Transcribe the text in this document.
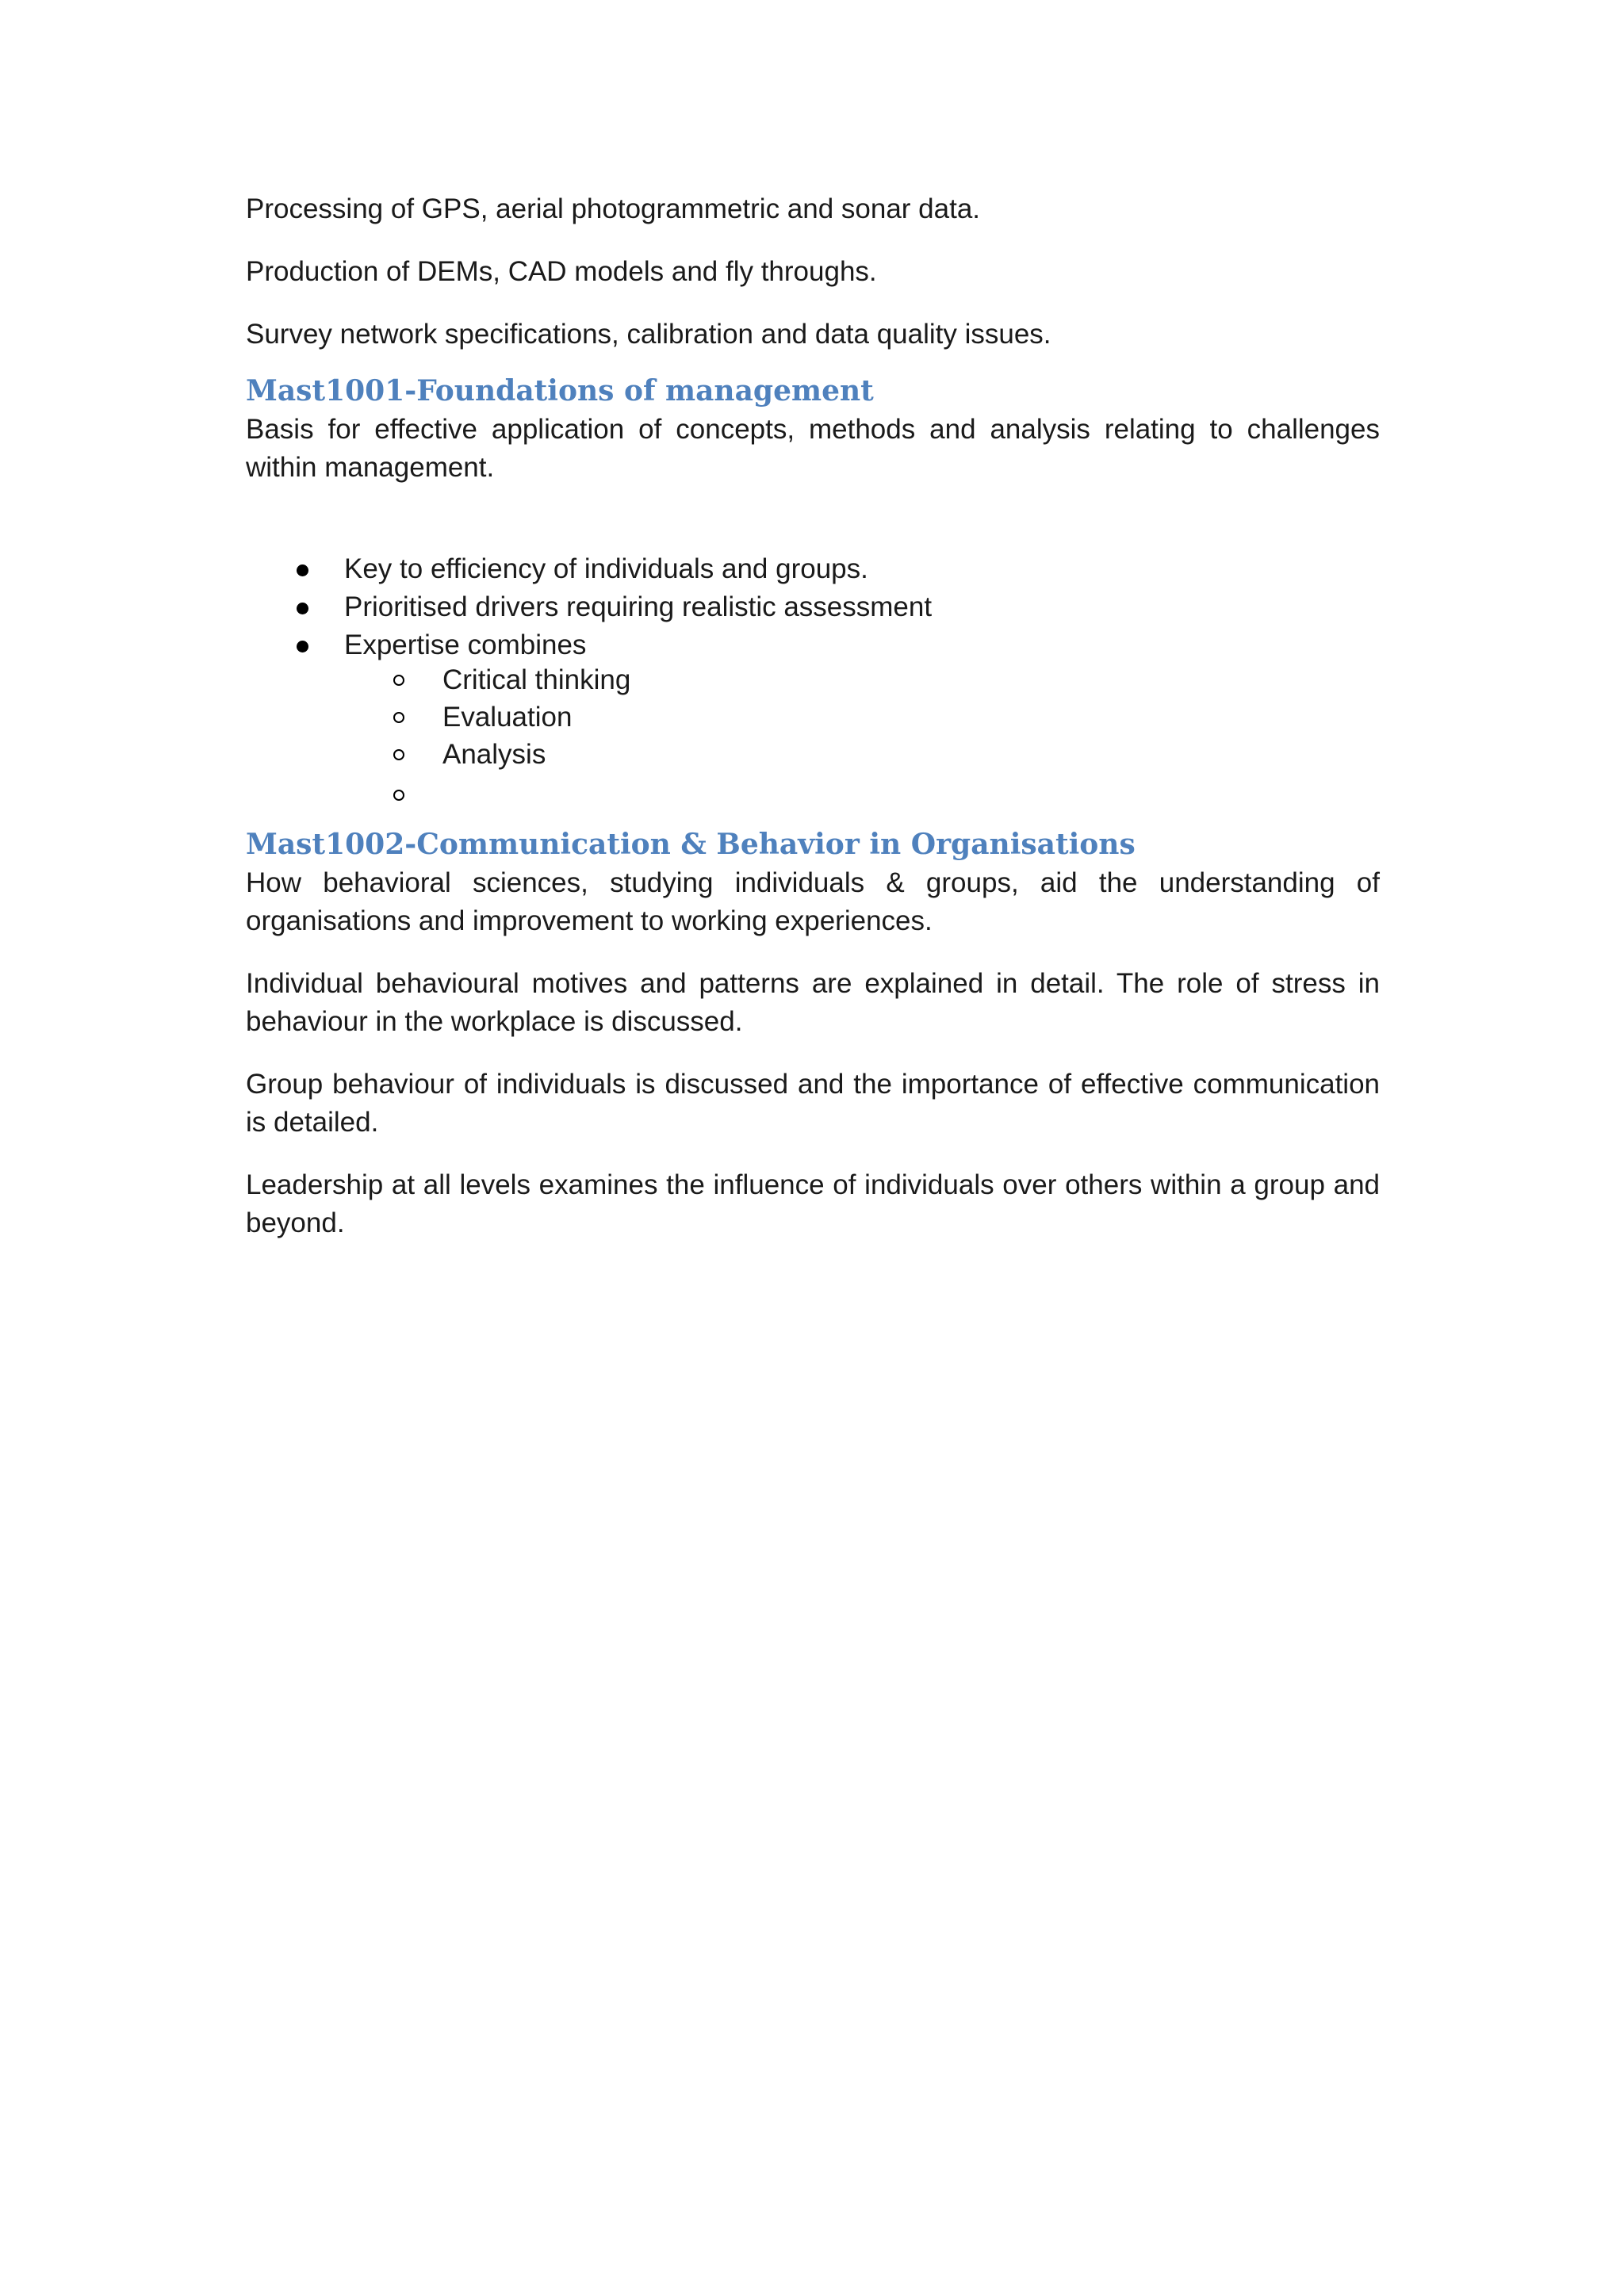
Processing of GPS, aerial photogrammetric and sonar data.

Production of DEMs, CAD models and fly throughs.

Survey network specifications, calibration and data quality issues.

Mast1001-Foundations of management

Basis for effective application of concepts, methods and analysis relating to challenges within management.

Key to efficiency of individuals and groups.
Prioritised drivers requiring realistic assessment
Expertise combines
Critical thinking
Evaluation
Analysis
Mast1002-Communication & Behavior in Organisations

How behavioral sciences, studying individuals & groups, aid the understanding of organisations and improvement to working experiences.

Individual behavioural motives and patterns are explained in detail. The role of stress in behaviour in the workplace is discussed.

Group behaviour of individuals is discussed and the importance of effective communication is detailed.

Leadership at all levels examines the influence of individuals over others within a group and beyond.
